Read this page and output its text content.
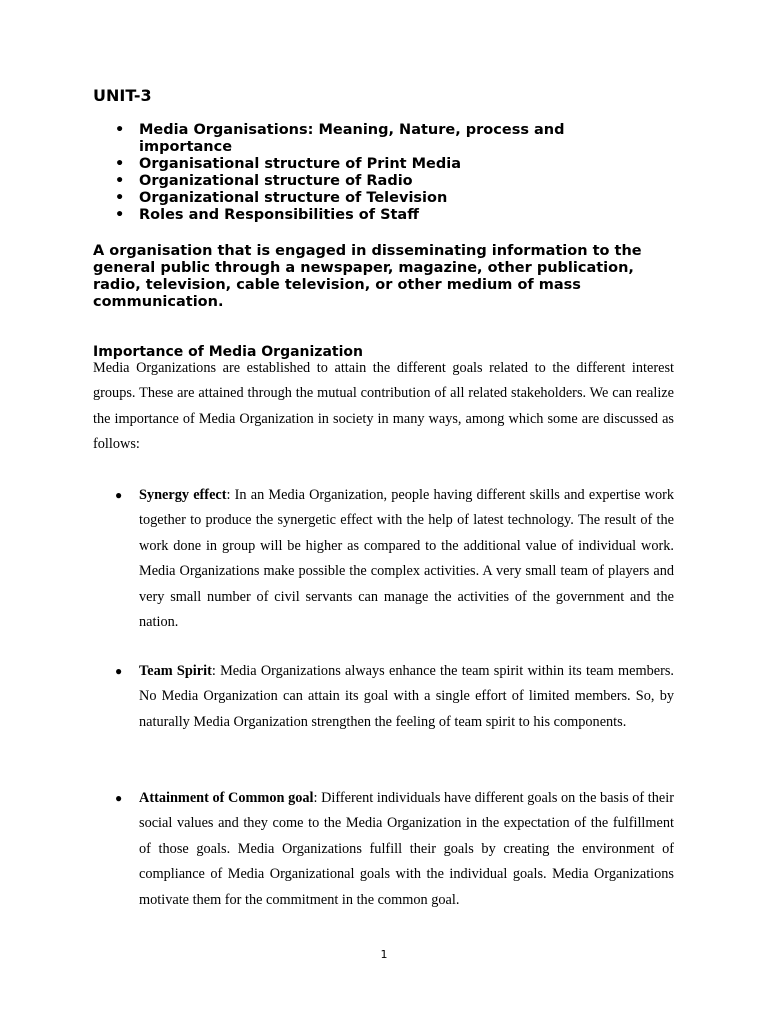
UNIT-3
• Media Organisations: Meaning, Nature, process and importance
• Organisational structure of Print Media
• Organizational structure of Radio
• Organizational structure of Television
• Roles and Responsibilities of Staff

A organisation that is engaged in disseminating information to the general public through a newspaper, magazine, other publication, radio, television, cable television, or other medium of mass communication.

Importance of Media Organization

Media Organizations are established to attain the different goals related to the different interest groups. These are attained through the mutual contribution of all related stakeholders. We can realize the importance of Media Organization in society in many ways, among which some are discussed as follows:

● Synergy effect: In an Media Organization, people having different skills and expertise work together to produce the synergetic effect with the help of latest technology. The result of the work done in group will be higher as compared to the additional value of individual work. Media Organizations make possible the complex activities. A very small team of players and very small number of civil servants can manage the activities of the government and the nation.

● Team Spirit: Media Organizations always enhance the team spirit within its team members. No Media Organization can attain its goal with a single effort of limited members. So, by naturally Media Organization strengthen the feeling of team spirit to his components.

● Attainment of Common goal: Different individuals have different goals on the basis of their social values and they come to the Media Organization in the expectation of the fulfillment of those goals. Media Organizations fulfill their goals by creating the environment of compliance of Media Organizational goals with the individual goals. Media Organizations motivate them for the commitment in the common goal.

1
